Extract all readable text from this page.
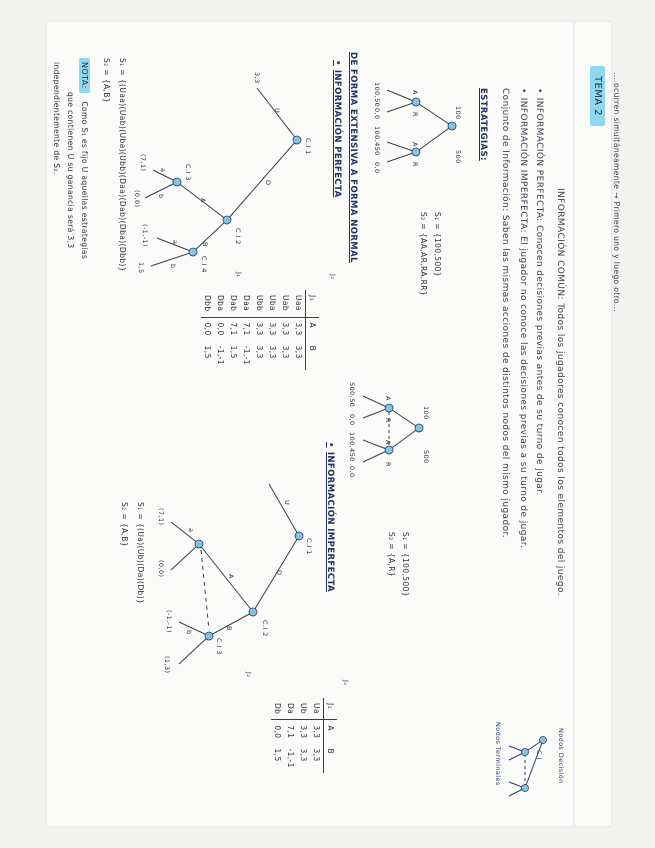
... ocurren simultáneamente → Primero uno y luego otro...
TEMA 2
INFORMACIÓN COMÚN: Todos los jugadores conocen todos los elementos del juego.
• INFORMACIÓN PERFECTA: Conocen decisiones previas antes de su turno de jugar.
• INFORMACIÓN IMPERFECTA: El jugador no conoce las decisiones previas a su turno de jugar.
Conjunto de Información: Saben las mismas acciones de distintos nodos del mismo jugador.
ESTRATEGIAS:
Nodos Decisión
C.I
Nodos Terminales
100
500
A
R
A
R
100,50
0,0
100,450
0,0
S₁ = {100,500}
S₂ = {AA,AR,RA,RR}
100
500
A
R
A
R
500,50
0,0
100,450
0,0
S₁ = {100,500}
S₂ = {A,R}
DE FORMA EXTENSIVA A FORMA NORMAL
• INFORMACIÓN PERFECTA
• INFORMACIÓN IMPERFECTA
C.I 1
U
D
3,3
C.I 2
J₁
A
B
C.I 3
C.I 4
a
b
a
b
(7,1)
(0,0)
(-1,-1)
1,5
J₂
J₁	A	B
Uaa	3,3	3,3
Uab	3,3	3,3
Uba	3,3	3,3
Ubb	3,3	3,3
Daa	7,1	-1,-1
Dab	7,1	1,5
Dba	0,0	-1,-1
Dbb	0,0	1,5
C.I 1
U
D
C.I 2
J₂
A
B
C.I 3
a
b
(7,1)
(0,0)
(-1,-1)
(1,3)
J₂
J₁	A	B
Ua	3,3	3,3
Ub	3,3	3,3
Da	7,1	-1,-1
Db	0,0	1,5
S₁ = {(Uaa)(Uab)(Uba)(Ubb)(Daa)(Dab)(Dba)(Dbb)}
S₂ = {A,B}
S₁ = {(Ua)(Ub)(Da)(Db)}
S₂ = {A,B}
NOTA: Como S₁ es fijo U aquellas estrategias
que contienen U su ganancia será 3,3
independientemente de S₂.
